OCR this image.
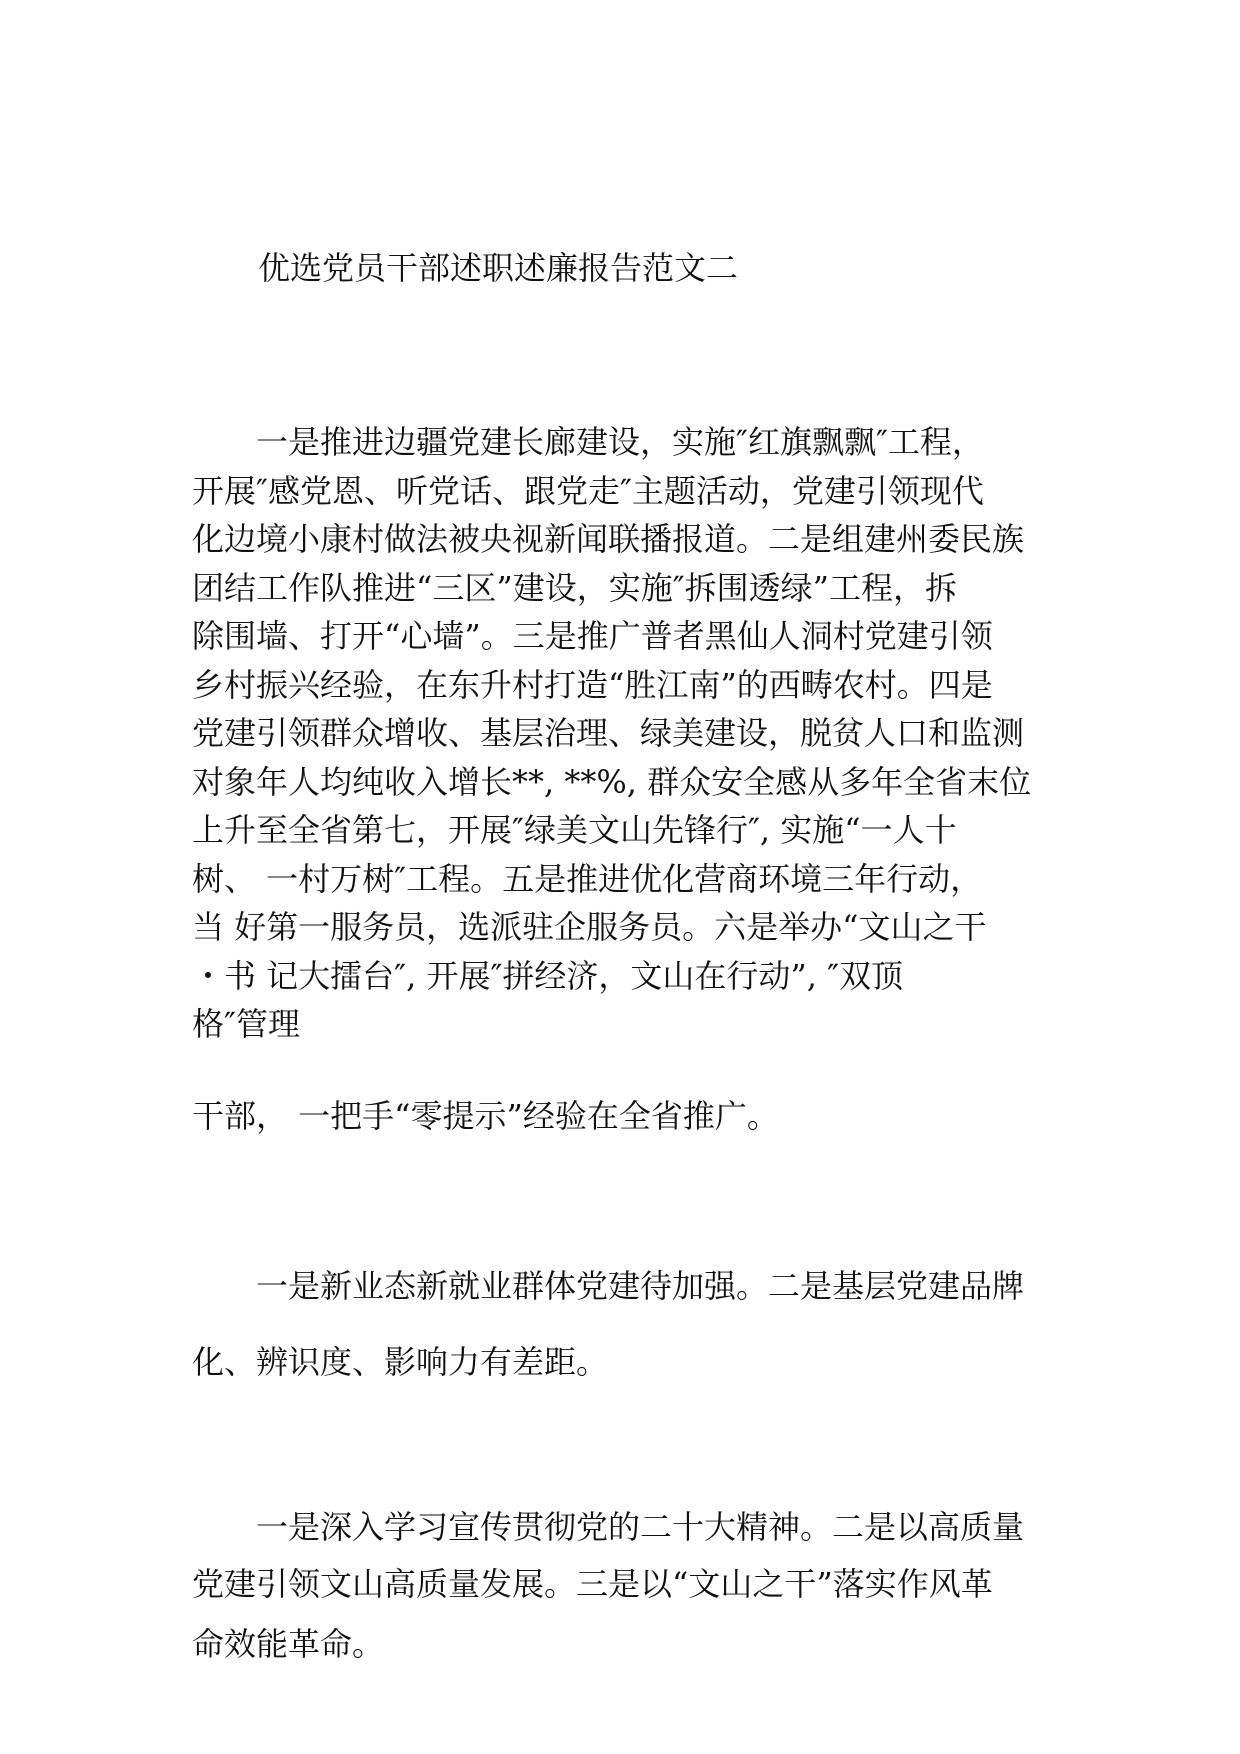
优选党员干部述职述廉报告范文二
　　一是推进边疆党建长廊建设，实施″红旗飘飘″工程，
开展″感党恩、听党话、跟党走″主题活动，党建引领现代
化边境小康村做法被央视新闻联播报道。二是组建州委民族
团结工作队推进“三区”建设，实施″拆围透绿”工程，拆
除围墙、打开“心墙”。三是推广普者黑仙人洞村党建引领
乡村振兴经验，在东升村打造“胜江南”的西畴农村。四是
党建引领群众增收、基层治理、绿美建设，脱贫人口和监测
对象年人均纯收入增长**, **%, 群众安全感从多年全省末位
上升至全省第七，开展″绿美文山先锋行″, 实施“一人十
树、 一村万树″工程。五是推进优化营商环境三年行动，
当 好第一服务员，选派驻企服务员。六是举办“文山之干
・书 记大擂台″, 开展″拼经济，文山在行动”, ″双顶
格″管理

干部， 一把手“零提示”经验在全省推广。

　　一是新业态新就业群体党建待加强。二是基层党建品牌
化、辨识度、影响力有差距。
　　一是深入学习宣传贯彻党的二十大精神。二是以高质量
党建引领文山高质量发展。三是以“文山之干”落实作风革
命效能革命。
